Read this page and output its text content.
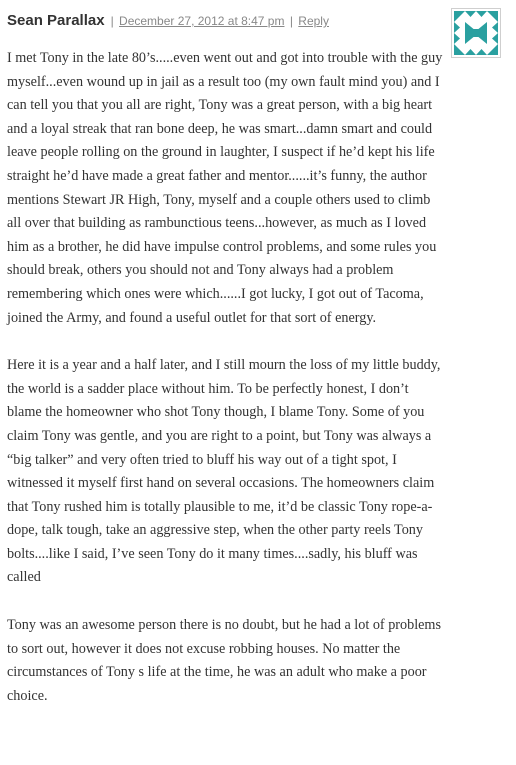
Sean Parallax | December 27, 2012 at 8:47 pm | Reply

I met Tony in the late 80’s.....even went out and got into trouble with the guy myself...even wound up in jail as a result too (my own fault mind you) and I can tell you that you all are right, Tony was a great person, with a big heart and a loyal streak that ran bone deep, he was smart...damn smart and could leave people rolling on the ground in laughter, I suspect if he’d kept his life straight he’d have made a great father and mentor......it’s funny, the author mentions Stewart JR High, Tony, myself and a couple others used to climb all over that building as rambunctious teens...however, as much as I loved him as a brother, he did have impulse control problems, and some rules you should break, others you should not and Tony always had a problem remembering which ones were which......I got lucky, I got out of Tacoma, joined the Army, and found a useful outlet for that sort of energy.

Here it is a year and a half later, and I still mourn the loss of my little buddy, the world is a sadder place without him. To be perfectly honest, I don’t blame the homeowner who shot Tony though, I blame Tony. Some of you claim Tony was gentle, and you are right to a point, but Tony was always a “big talker” and very often tried to bluff his way out of a tight spot, I witnessed it myself first hand on several occasions. The homeowners claim that Tony rushed him is totally plausible to me, it’d be classic Tony rope-a-dope, talk tough, take an aggressive step, when the other party reels Tony bolts....like I said, I’ve seen Tony do it many times....sadly, his bluff was called

Tony was an awesome person there is no doubt, but he had a lot of problems to sort out, however it does not excuse robbing houses. No matter the circumstances of Tony s life at the time, he was an adult who make a poor choice.
